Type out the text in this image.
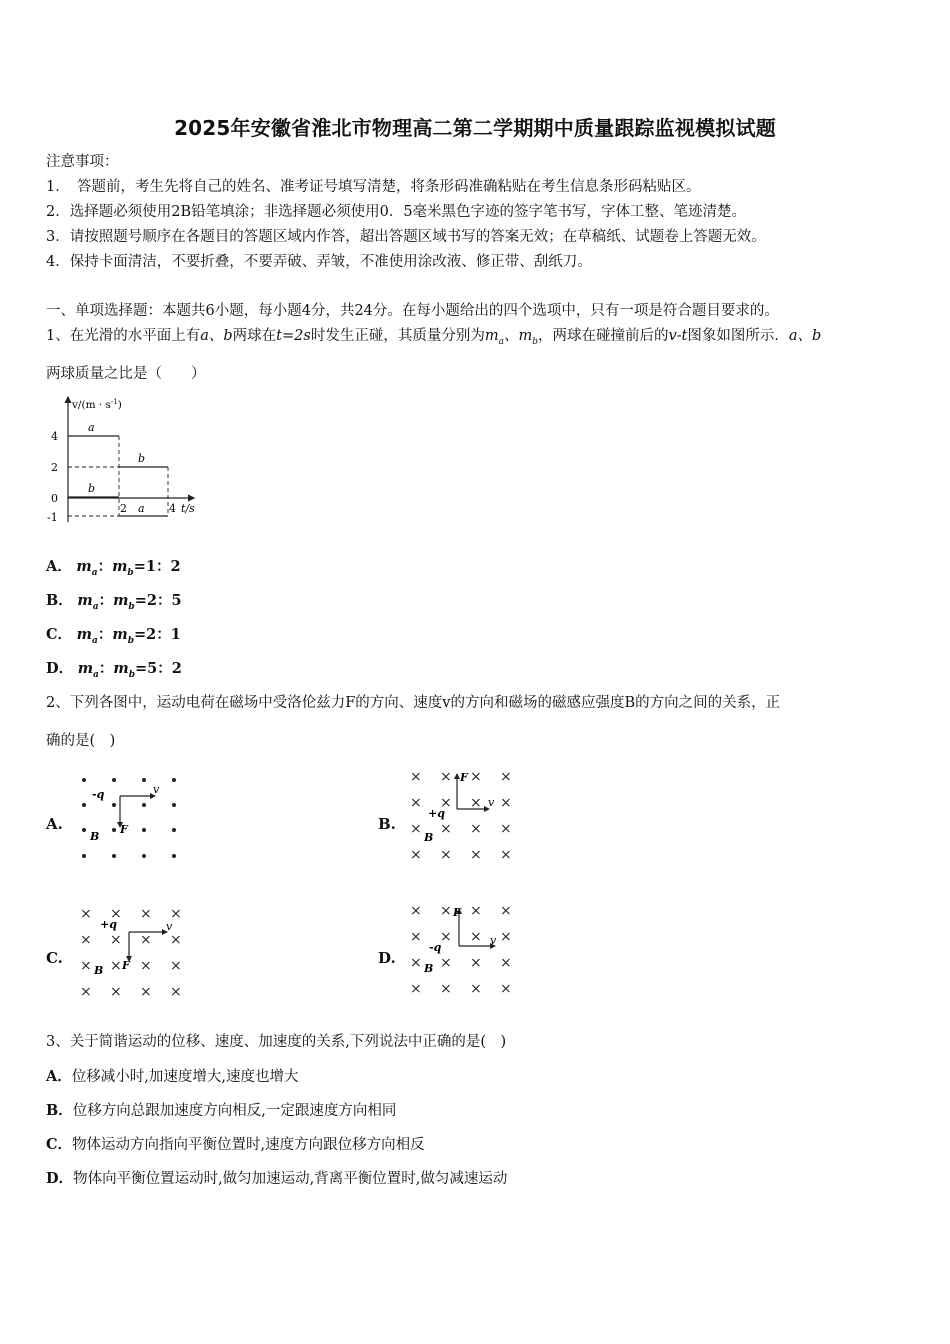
2025年安徽省淮北市物理高二第二学期期中质量跟踪监视模拟试题
注意事项：
1．　答题前，考生先将自己的姓名、准考证号填写清楚，将条形码准确粘贴在考生信息条形码粘贴区。
2．选择题必须使用2B铅笔填涂；非选择题必须使用0．5毫米黑色字迹的签字笔书写，字体工整、笔迹清楚。
3．请按照题号顺序在各题目的答题区域内作答，超出答题区域书写的答案无效；在草稿纸、试题卷上答题无效。
4．保持卡面清洁，不要折叠，不要弄破、弄皱，不准使用涂改液、修正带、刮纸刀。
一、单项选择题：本题共6小题，每小题4分，共24分。在每小题给出的四个选项中，只有一项是符合题目要求的。
1、在光滑的水平面上有a、b两球在t=2s时发生正碰，其质量分别为$m_a$、$m_b$，两球在碰撞前后的v-t图象如图所示．a、b
两球质量之比是（　　）
$v/(m \cdot s^{-1})$
4
2
0
-1
a
b
b
a
2	4 t/s
A． $m_a$：$m_b=1$：2
B． $m_a$：$m_b=2$：5
C． $m_a$：$m_b=2$：1
D． $m_a$：$m_b=5$：2
2、下列各图中，运动电荷在磁场中受洛伦兹力F的方向、速度v的方向和磁场的磁感应强度B的方向之间的关系，正
确的是(　)
A.
-q	v
F
B
B.
× × × ×
× × × ×
× × × ×
× × × ×
F
+q
v
B
C.
× × × ×
× × × ×
× × × ×
× × × ×
+q	v
F
B
D.
× × × ×
× × × ×
× × × ×
× × × ×
F
-q
v
B
3、关于简谐运动的位移、速度、加速度的关系,下列说法中正确的是(　)
A．位移减小时,加速度增大,速度也增大
B．位移方向总跟加速度方向相反,一定跟速度方向相同
C．物体运动方向指向平衡位置时,速度方向跟位移方向相反
D．物体向平衡位置运动时,做匀加速运动,背离平衡位置时,做匀减速运动
